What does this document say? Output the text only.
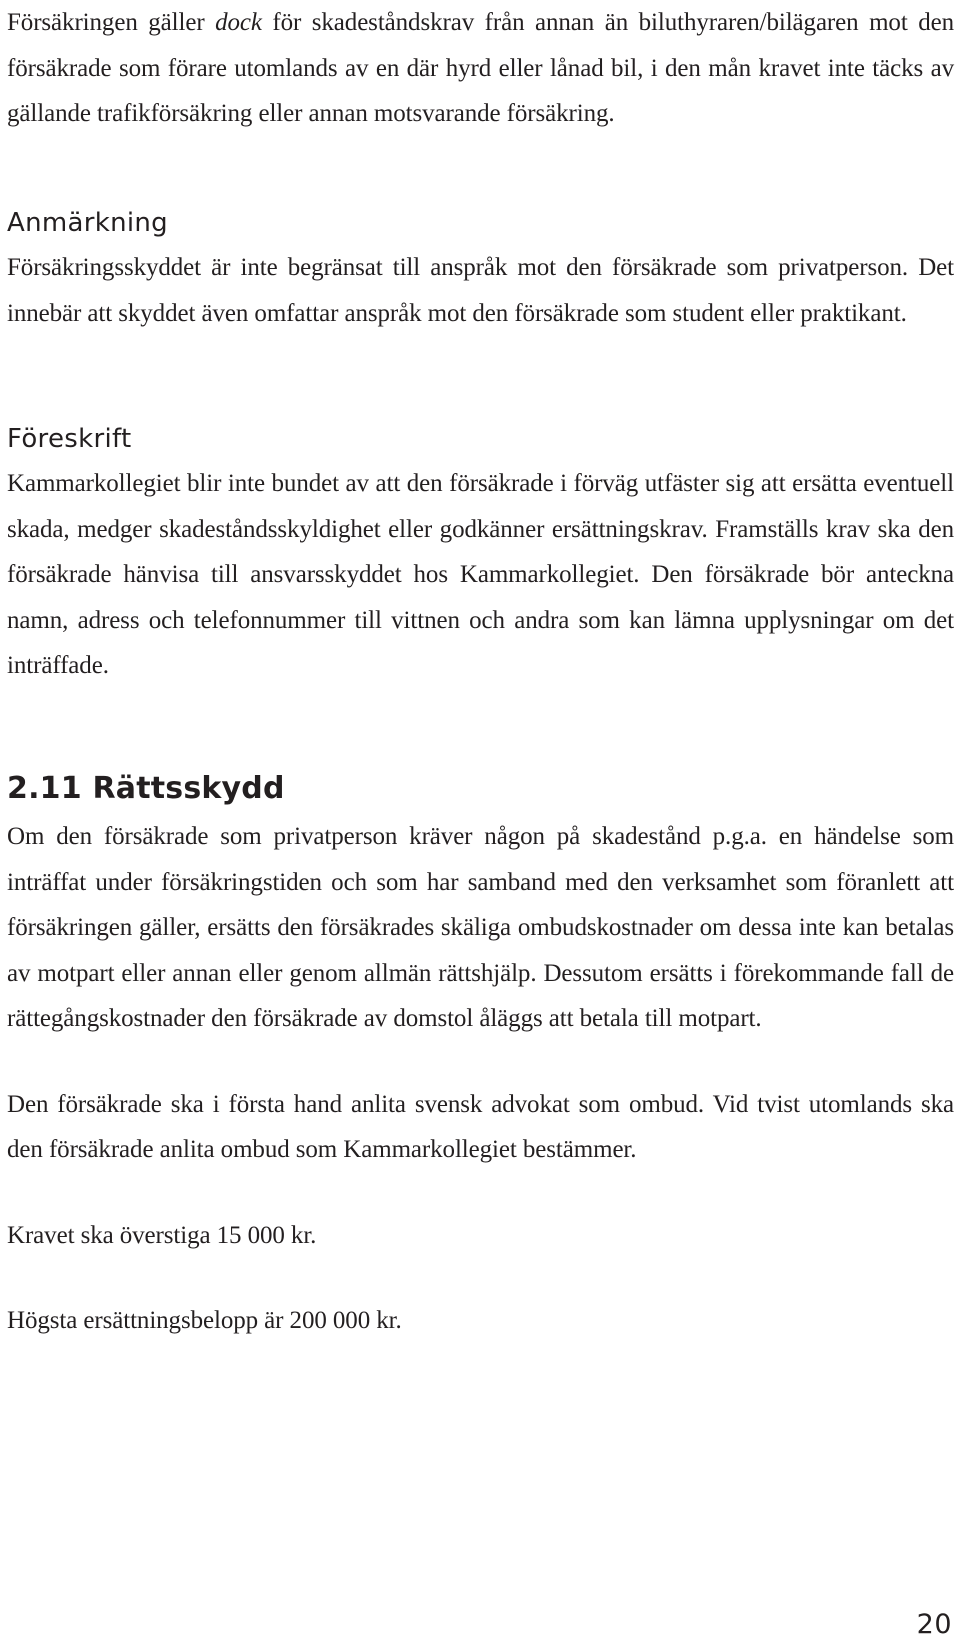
Försäkringen gäller dock för skadeståndskrav från annan än biluthyraren/bilägaren mot den försäkrade som förare utomlands av en där hyrd eller lånad bil, i den mån kravet inte täcks av gällande trafikförsäkring eller annan motsvarande försäkring.

Anmärkning

Försäkringsskyddet är inte begränsat till anspråk mot den försäkrade som privatperson. Det innebär att skyddet även omfattar anspråk mot den försäkrade som student eller praktikant.

Föreskrift

Kammarkollegiet blir inte bundet av att den försäkrade i förväg utfäster sig att ersätta eventuell skada, medger skadeståndsskyldighet eller godkänner ersättningskrav. Framställs krav ska den försäkrade hänvisa till ansvarsskyddet hos Kammarkollegiet. Den försäkrade bör anteckna namn, adress och telefonnummer till vittnen och andra som kan lämna upplysningar om det inträffade.

2.11 Rättsskydd

Om den försäkrade som privatperson kräver någon på skadestånd p.g.a. en händelse som inträffat under försäkringstiden och som har samband med den verksamhet som föranlett att försäkringen gäller, ersätts den försäkrades skäliga ombudskostnader om dessa inte kan betalas av motpart eller annan eller genom allmän rättshjälp. Dessutom ersätts i förekommande fall de rättegångskostnader den försäkrade av domstol åläggs att betala till motpart.

Den försäkrade ska i första hand anlita svensk advokat som ombud. Vid tvist utomlands ska den försäkrade anlita ombud som Kammarkollegiet bestämmer.

Kravet ska överstiga 15 000 kr.

Högsta ersättningsbelopp är 200 000 kr.

20
